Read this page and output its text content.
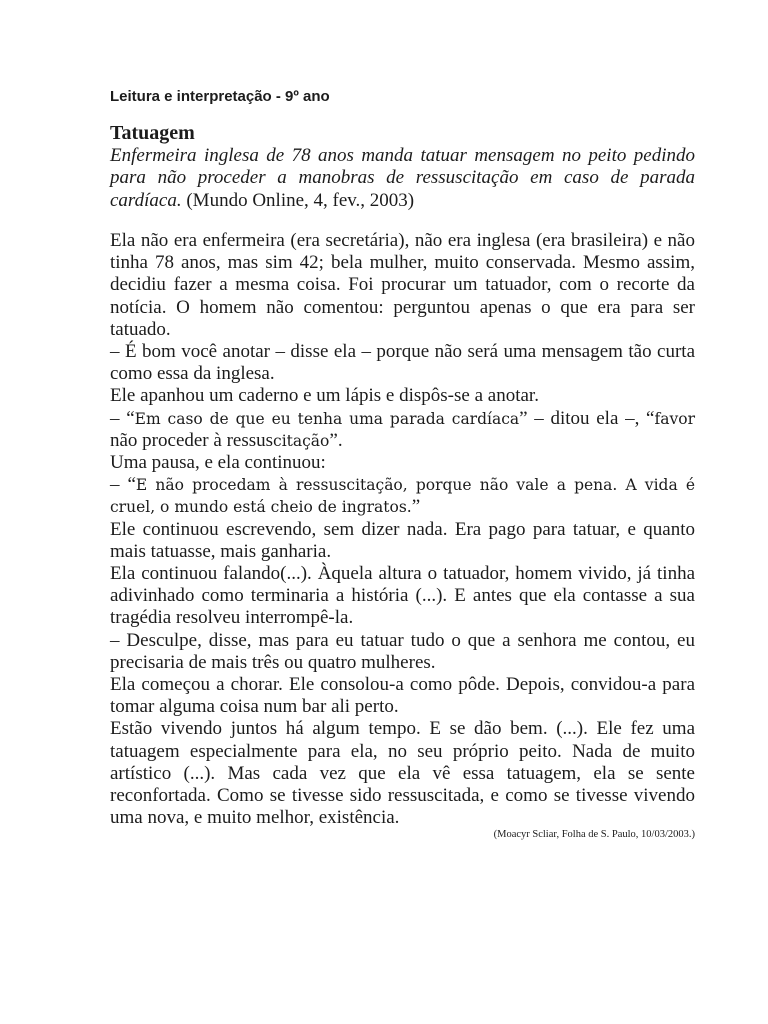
Leitura e interpretação - 9º ano

Tatuagem

Enfermeira inglesa de 78 anos manda tatuar mensagem no peito pedindo para não proceder a manobras de ressuscitação em caso de parada cardíaca. (Mundo Online, 4, fev., 2003)

Ela não era enfermeira (era secretária), não era inglesa (era brasileira) e não tinha 78 anos, mas sim 42; bela mulher, muito conservada. Mesmo assim, decidiu fazer a mesma coisa. Foi procurar um tatuador, com o recorte da notícia. O homem não comentou: perguntou apenas o que era para ser tatuado.

– É bom você anotar – disse ela – porque não será uma mensagem tão curta como essa da inglesa.

Ele apanhou um caderno e um lápis e dispôs-se a anotar.

– “Em caso de que eu tenha uma parada cardíaca” – ditou ela –, “favor não proceder à ressuscitação”.

Uma pausa, e ela continuou:

– “E não procedam à ressuscitação, porque não vale a pena. A vida é cruel, o mundo está cheio de ingratos.”

Ele continuou escrevendo, sem dizer nada. Era pago para tatuar, e quanto mais tatuasse, mais ganharia.

Ela continuou falando(...). Àquela altura o tatuador, homem vivido, já tinha adivinhado como terminaria a história (...). E antes que ela contasse a sua tragédia resolveu interrompê-la.

– Desculpe, disse, mas para eu tatuar tudo o que a senhora me contou, eu precisaria de mais três ou quatro mulheres.

Ela começou a chorar. Ele consolou-a como pôde. Depois, convidou-a para tomar alguma coisa num bar ali perto.

Estão vivendo juntos há algum tempo. E se dão bem. (...). Ele fez uma tatuagem especialmente para ela, no seu próprio peito. Nada de muito artístico (...). Mas cada vez que ela vê essa tatuagem, ela se sente reconfortada. Como se tivesse sido ressuscitada, e como se tivesse vivendo uma nova, e muito melhor, existência.

(Moacyr Scliar, Folha de S. Paulo, 10/03/2003.)
